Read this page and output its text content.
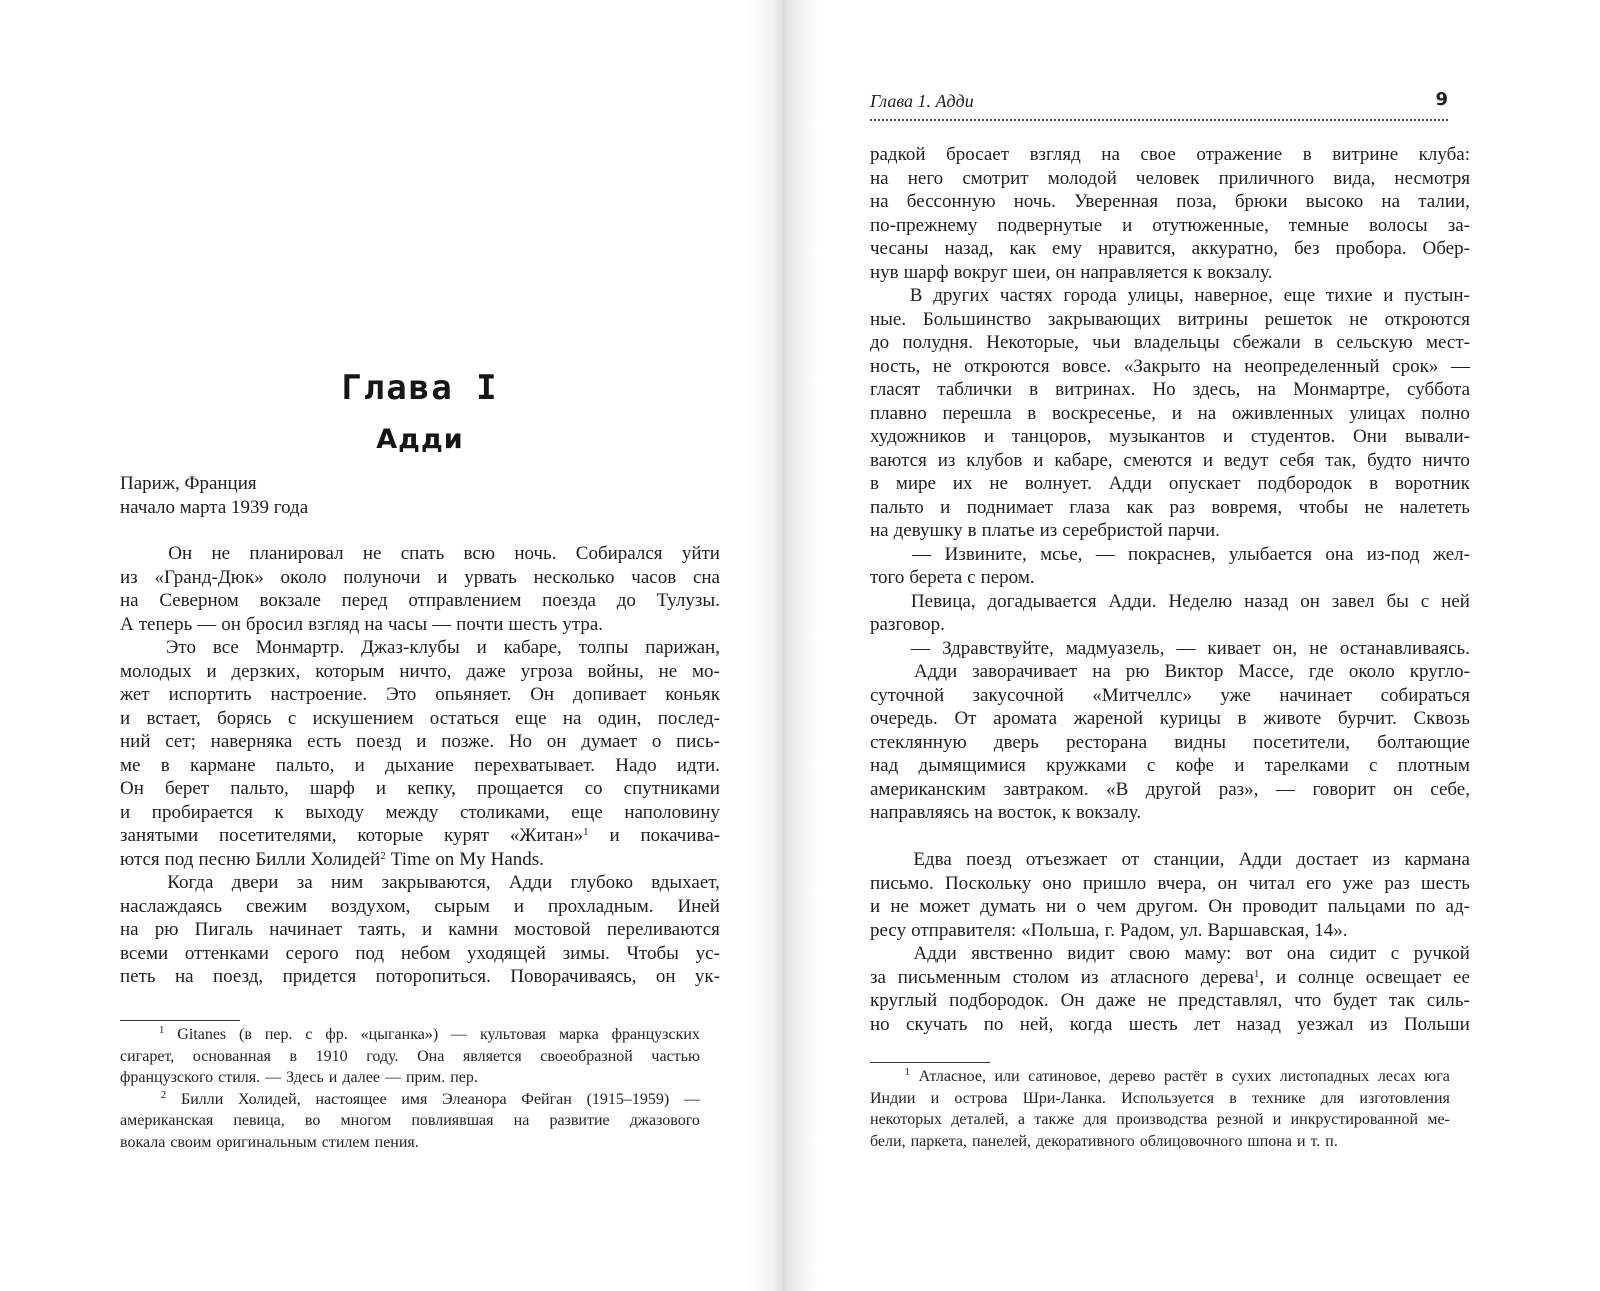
Глава I
Адди
Париж, Франция
начало марта 1939 года
Он не планировал не спать всю ночь. Собирался уйти
из «Гранд-Дюк» около полуночи и урвать несколько часов сна
на Северном вокзале перед отправлением поезда до Тулузы.
А теперь — он бросил взгляд на часы — почти шесть утра.
Это все Монмартр. Джаз-клубы и кабаре, толпы парижан,
молодых и дерзких, которым ничто, даже угроза войны, не мо-
жет испортить настроение. Это опьяняет. Он допивает коньяк
и встает, борясь с искушением остаться еще на один, послед-
ний сет; наверняка есть поезд и позже. Но он думает о пись-
ме в кармане пальто, и дыхание перехватывает. Надо идти.
Он берет пальто, шарф и кепку, прощается со спутниками
и пробирается к выходу между столиками, еще наполовину
занятыми посетителями, которые курят «Житан»$^1$ и покачива-
ются под песню Билли Холидей$^2$ Time on My Hands.
Когда двери за ним закрываются, Адди глубоко вдыхает,
наслаждаясь свежим воздухом, сырым и прохладным. Иней
на рю Пигаль начинает таять, и камни мостовой переливаются
всеми оттенками серого под небом уходящей зимы. Чтобы ус-
петь на поезд, придется поторопиться. Поворачиваясь, он ук-
$^1$ Gitanes (в пер. с фр. «цыганка») — культовая марка французских
сигарет, основанная в 1910 году. Она является своеобразной частью
французского стиля. — Здесь и далее — прим. пер.
$^2$ Билли Холидей, настоящее имя Элеанора Фейган (1915–1959) —
американская певица, во многом повлиявшая на развитие джазового
вокала своим оригинальным стилем пения.
Глава 1. Адди	9
радкой бросает взгляд на свое отражение в витрине клуба:
на него смотрит молодой человек приличного вида, несмотря
на бессонную ночь. Уверенная поза, брюки высоко на талии,
по-прежнему подвернутые и отутюженные, темные волосы за-
чесаны назад, как ему нравится, аккуратно, без пробора. Обер-
нув шарф вокруг шеи, он направляется к вокзалу.
В других частях города улицы, наверное, еще тихие и пустын-
ные. Большинство закрывающих витрины решеток не откроются
до полудня. Некоторые, чьи владельцы сбежали в сельскую мест-
ность, не откроются вовсе. «Закрыто на неопределенный срок» —
гласят таблички в витринах. Но здесь, на Монмартре, суббота
плавно перешла в воскресенье, и на оживленных улицах полно
художников и танцоров, музыкантов и студентов. Они вывали-
ваются из клубов и кабаре, смеются и ведут себя так, будто ничто
в мире их не волнует. Адди опускает подбородок в воротник
пальто и поднимает глаза как раз вовремя, чтобы не налететь
на девушку в платье из серебристой парчи.
— Извините, мсье, — покраснев, улыбается она из-под жел-
того берета с пером.
Певица, догадывается Адди. Неделю назад он завел бы с ней
разговор.
— Здравствуйте, мадмуазель, — кивает он, не останавливаясь.
Адди заворачивает на рю Виктор Массе, где около кругло-
суточной закусочной «Митчеллс» уже начинает собираться
очередь. От аромата жареной курицы в животе бурчит. Сквозь
стеклянную дверь ресторана видны посетители, болтающие
над дымящимися кружками с кофе и тарелками с плотным
американским завтраком. «В другой раз», — говорит он себе,
направляясь на восток, к вокзалу.
Едва поезд отъезжает от станции, Адди достает из кармана
письмо. Поскольку оно пришло вчера, он читал его уже раз шесть
и не может думать ни о чем другом. Он проводит пальцами по ад-
ресу отправителя: «Польша, г. Радом, ул. Варшавская, 14».
Адди явственно видит свою маму: вот она сидит с ручкой
за письменным столом из атласного дерева$^1$, и солнце освещает ее
круглый подбородок. Он даже не представлял, что будет так силь-
но скучать по ней, когда шесть лет назад уезжал из Польши
$^1$ Атласное, или сатиновое, дерево растёт в сухих листопадных лесах юга
Индии и острова Шри-Ланка. Используется в технике для изготовления
некоторых деталей, а также для производства резной и инкрустированной ме-
бели, паркета, панелей, декоративного облицовочного шпона и т. п.
